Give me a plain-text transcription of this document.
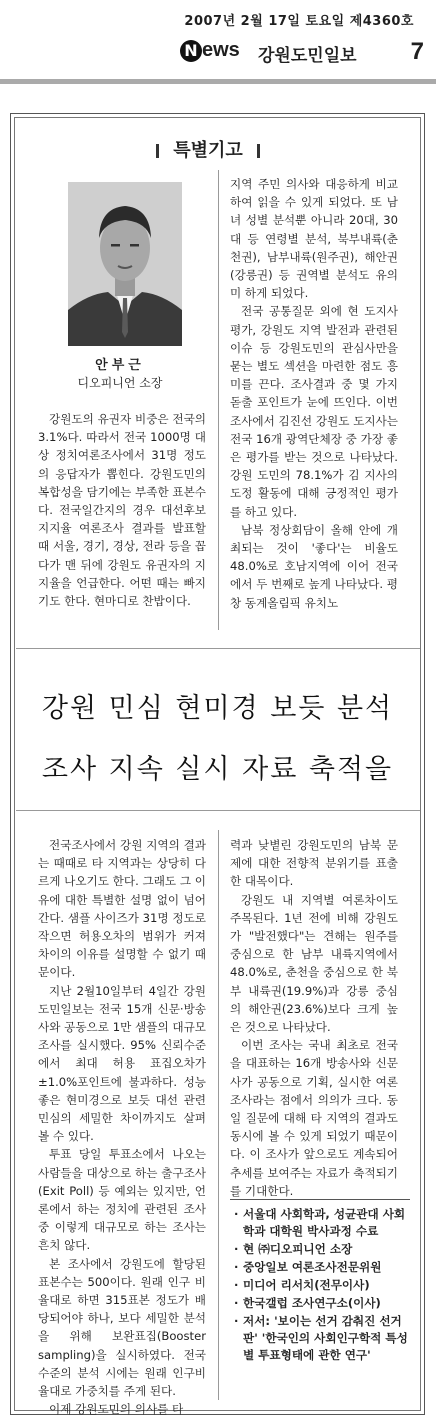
2007년 2월 17일 토요일 제4360호
N ews 강원도민일보 7
특별기고
안부근
디오피니언 소장
강원 민심 현미경 보듯 분석
조사 지속 실시 자료 축적을

강원도의 유권자 비중은 전국의 3.1%다. 따라서 전국 1000명 대상 정치여론조사에서 31명 정도의 응답자가 뽑힌다. 강원도민의 복합성을 담기에는 부족한 표본수다. 전국일간지의 경우 대선후보 지지율 여론조사 결과를 발표할 때 서울, 경기, 경상, 전라 등을 꼽다가 맨 뒤에 강원도 유권자의 지지율을 언급한다. 어떤 때는 빠지기도 한다. 현마디로 찬밥이다.

지역 주민 의사와 대응하게 비교하여 읽을 수 있게 되었다. 또 남녀 성별 분석뿐 아니라 20대, 30대 등 연령별 분석, 북부내륙(춘천권), 남부내륙(원주권), 해안권(강릉권) 등 권역별 분석도 유의미 하게 되었다.

전국 공통질문 외에 현 도지사 평가, 강원도 지역 발전과 관련된 이슈 등 강원도민의 관심사만을 묻는 별도 섹션을 마련한 점도 흥미를 끈다. 조사결과 중 몇 가지 돋출 포인트가 눈에 뜨인다. 이번 조사에서 김진선 강원도 도지사는 전국 16개 광역단체장 중 가장 좋은 평가를 받는 것으로 나타났다. 강원 도민의 78.1%가 김 지사의 도정 활동에 대해 긍정적인 평가를 하고 있다.

남북 정상회담이 올해 안에 개최되는 것이 '좋다'는 비율도 48.0%로 호남지역에 이어 전국에서 두 번째로 높게 나타났다. 평창 동계올림픽 유치노

전국조사에서 강원 지역의 결과는 때때로 타 지역과는 상당히 다르게 나오기도 한다. 그래도 그 이유에 대한 특별한 설명 없이 넘어간다. 샘플 사이즈가 31명 정도로 작으면 허용오차의 범위가 커져 차이의 이유를 설명할 수 없기 때문이다.

지난 2월10일부터 4일간 강원도민일보는 전국 15개 신문·방송사와 공동으로 1만 샘플의 대규모 조사를 실시했다. 95% 신뢰수준에서 최대 허용 표집오차가 ±1.0%포인트에 불과하다. 성능 좋은 현미경으로 보듯 대선 관련 민심의 세밀한 차이까지도 살펴 볼 수 있다.

투표 당일 투표소에서 나오는 사람들을 대상으로 하는 출구조사(Exit Poll) 등 예외는 있지만, 언론에서 하는 정치에 관련된 조사 중 이렇게 대규모로 하는 조사는 흔치 않다.

본 조사에서 강원도에 할당된 표본수는 500이다. 원래 인구 비율대로 하면 315표본 정도가 배당되어야 하나, 보다 세밀한 분석을 위해 보완표집(Booster sampling)을 실시하였다. 전국 수준의 분석 시에는 원래 인구비율대로 가중치를 주게 된다.

이제 강원도민의 의사를 타

력과 낮볕린 강원도민의 남북 문제에 대한 전향적 분위기를 표출한 대목이다.

강원도 내 지역별 여론차이도 주목된다. 1년 전에 비해 강원도가 "발전했다"는 견해는 원주를 중심으로 한 남부 내륙지역에서 48.0%로, 춘천을 중심으로 한 북부 내륙권(19.9%)과 강릉 중심의 해안권(23.6%)보다 크게 높은 것으로 나타났다.

이번 조사는 국내 최초로 전국을 대표하는 16개 방송사와 신문사가 공동으로 기획, 실시한 여론조사라는 점에서 의의가 크다. 동일 질문에 대해 타 지역의 결과도 동시에 볼 수 있게 되었기 때문이다. 이 조사가 앞으로도 계속되어 추세를 보여주는 자료가 축적되기를 기대한다.

· 서울대 사회학과, 성균관대 사회학과 대학원 박사과정 수료
· 현 ㈜디오피니언 소장
· 중앙일보 여론조사전문위원
· 미디어 리서치(전무이사)
· 한국갤럽 조사연구소(이사)
· 저서: '보이는 선거 감춰진 선거판' '한국인의 사회인구학적 특성별 투표형태에 관한 연구'
